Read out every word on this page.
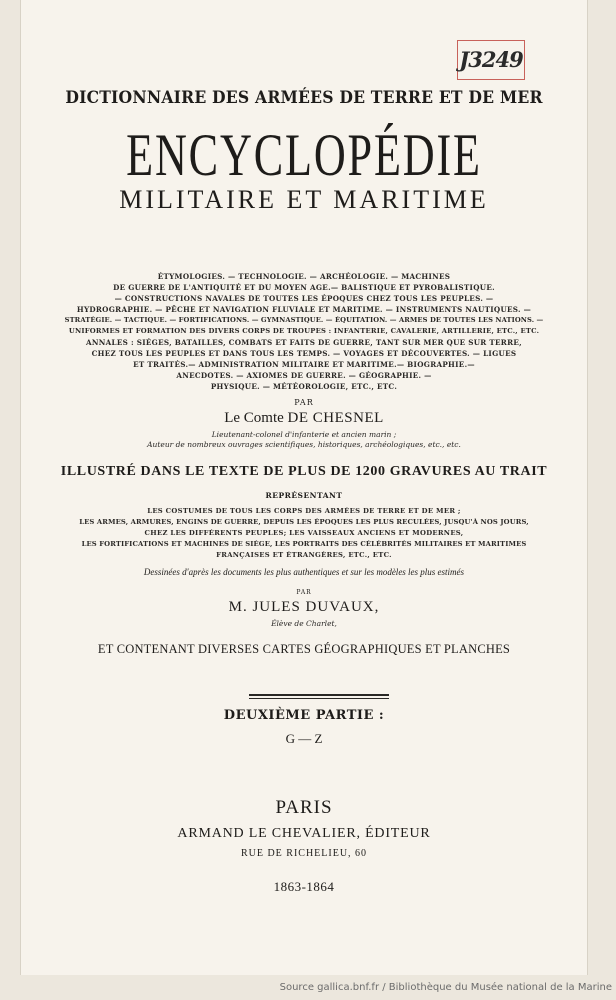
J3249
DICTIONNAIRE DES ARMÉES DE TERRE ET DE MER
ENCYCLOPÉDIE
MILITAIRE ET MARITIME
ÉTYMOLOGIES. — TECHNOLOGIE. — ARCHÉOLOGIE. — MACHINES
DE GUERRE DE L'ANTIQUITÉ ET DU MOYEN AGE.— BALISTIQUE ET PYROBALISTIQUE.
— CONSTRUCTIONS NAVALES DE TOUTES LES ÉPOQUES CHEZ TOUS LES PEUPLES. —
HYDROGRAPHIE. — PÊCHE ET NAVIGATION FLUVIALE ET MARITIME. — INSTRUMENTS NAUTIQUES. —
STRATÉGIE. — TACTIQUE. — FORTIFICATIONS. — GYMNASTIQUE. — ÉQUITATION. — ARMES DE TOUTES LES NATIONS. —
UNIFORMES ET FORMATION DES DIVERS CORPS DE TROUPES : INFANTERIE, CAVALERIE, ARTILLERIE, ETC., ETC.
ANNALES : SIÉGES, BATAILLES, COMBATS ET FAITS DE GUERRE, TANT SUR MER QUE SUR TERRE,
CHEZ TOUS LES PEUPLES ET DANS TOUS LES TEMPS. — VOYAGES ET DÉCOUVERTES. — LIGUES
ET TRAITÉS.— ADMINISTRATION MILITAIRE ET MARITIME.— BIOGRAPHIE.—
ANECDOTES. — AXIOMES DE GUERRE. — GÉOGRAPHIE. —
PHYSIQUE. — MÉTÉOROLOGIE, ETC., ETC.
PAR
Le Comte DE CHESNEL
Lieutenant-colonel d'infanterie et ancien marin ;
Auteur de nombreux ouvrages scientifiques, historiques, archéologiques, etc., etc.
ILLUSTRÉ DANS LE TEXTE DE PLUS DE 1200 GRAVURES AU TRAIT
REPRÉSENTANT
LES COSTUMES DE TOUS LES CORPS DES ARMÉES DE TERRE ET DE MER ;
LES ARMES, ARMURES, ENGINS DE GUERRE, DEPUIS LES ÉPOQUES LES PLUS RECULÉES, JUSQU'À NOS JOURS,
CHEZ LES DIFFÉRENTS PEUPLES; LES VAISSEAUX ANCIENS ET MODERNES,
LES FORTIFICATIONS ET MACHINES DE SIÉGE, LES PORTRAITS DES CÉLÉBRITÉS MILITAIRES ET MARITIMES
FRANÇAISES ET ÉTRANGÈRES, ETC., ETC.
Dessinées d'après les documents les plus authentiques et sur les modèles les plus estimés
PAR
M. JULES DUVAUX,
Élève de Charlet,
ET CONTENANT DIVERSES CARTES GÉOGRAPHIQUES ET PLANCHES
DEUXIÈME PARTIE :
G — Z
PARIS
ARMAND LE CHEVALIER, ÉDITEUR
RUE DE RICHELIEU, 60
1863-1864
Source gallica.bnf.fr / Bibliothèque du Musée national de la Marine
